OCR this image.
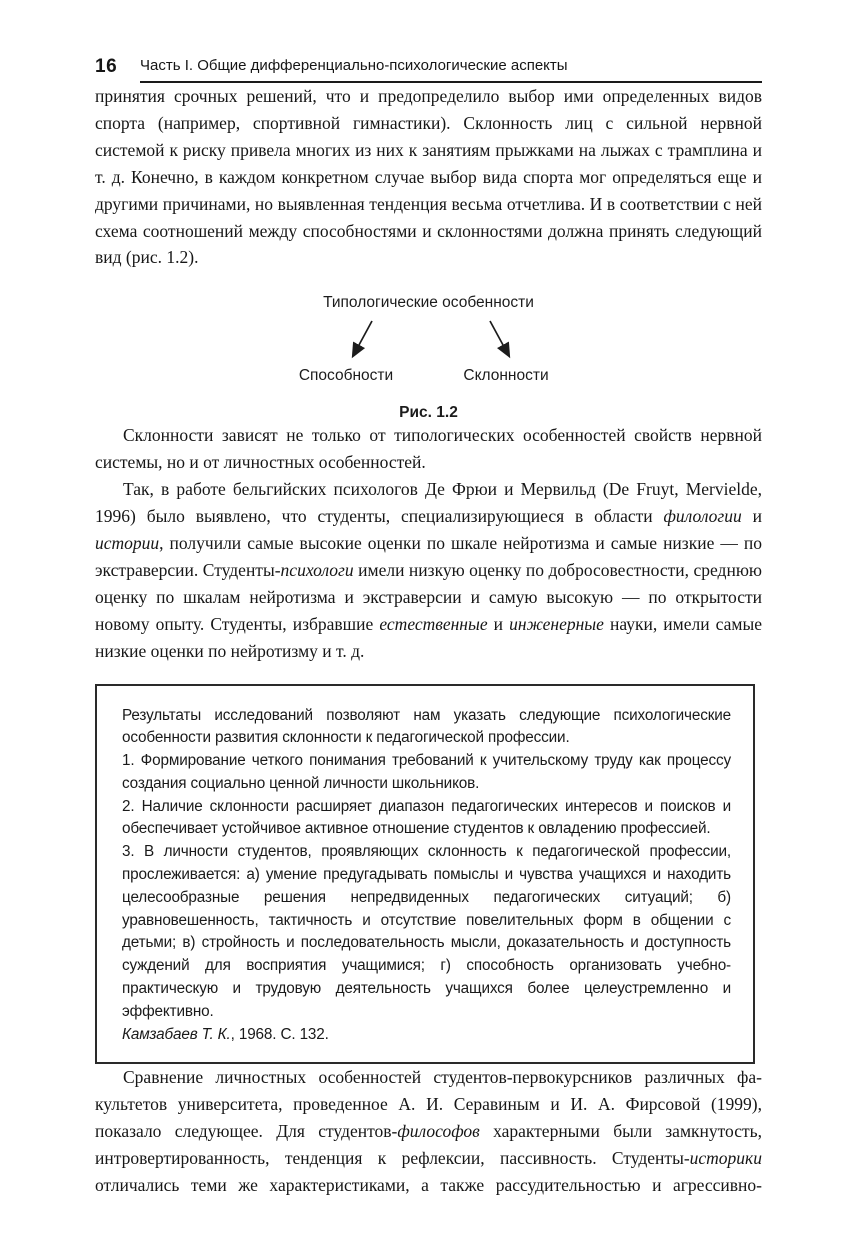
16	Часть I. Общие дифференциально-психологические аспекты

принятия срочных решений, что и предопределило выбор ими определенных видов спорта (например, спортивной гимнастики). Склонность лиц с сильной нервной системой к риску привела многих из них к занятиям прыжками на лыжах с трамплина и т. д. Конечно, в каждом конкретном случае выбор вида спорта мог определяться еще и другими причинами, но выявленная тенденция весьма отчетлива. И в соответствии с ней схема соотношений между способностями и склонностями должна принять следующий вид (рис. 1.2).

Типологические особенности
Способности	Склонности
Рис. 1.2

Склонности зависят не только от типологических особенностей свойств нервной системы, но и от личностных особенностей.

Так, в работе бельгийских психологов Де Фрюи и Мервильд (De Fruyt, Mervielde, 1996) было выявлено, что студенты, специализирующиеся в области филологии и истории, получили самые высокие оценки по шкале нейротизма и самые низкие — по экстраверсии. Студенты-психологи имели низкую оценку по добросовестности, среднюю оценку по шкалам нейротизма и экстраверсии и самую высокую — по открытости новому опыту. Студенты, избравшие естественные и инженерные науки, имели самые низкие оценки по нейротизму и т. д.

Результаты исследований позволяют нам указать следующие психологические особенности развития склонности к педагогической профессии.

1. Формирование четкого понимания требований к учительскому труду как процессу создания социально ценной личности школьников.

2. Наличие склонности расширяет диапазон педагогических интересов и поисков и обеспечивает устойчивое активное отношение студентов к овладению профессией.

3. В личности студентов, проявляющих склонность к педагогической профессии, прослеживается: а) умение предугадывать помыслы и чувства учащихся и находить целесообразные решения непредвиденных педагогических ситуаций; б) уравновешенность, тактичность и отсутствие повелительных форм в общении с детьми; в) стройность и последовательность мысли, доказательность и доступность суждений для восприятия учащимися; г) способность организовать учебно-практическую и трудовую деятельность учащихся более целеустремленно и эффективно.

Камзабаев Т. К., 1968. С. 132.

Сравнение личностных особенностей студентов-первокурсников различных факультетов университета, проведенное А. И. Серавиным и И. А. Фирсовой (1999), показало следующее. Для студентов-философов характерными были замкнутость, интровертированность, тенденция к рефлексии, пассивность. Студенты-историки отличались теми же характеристиками, а также рассудительностью и агрессивно-
